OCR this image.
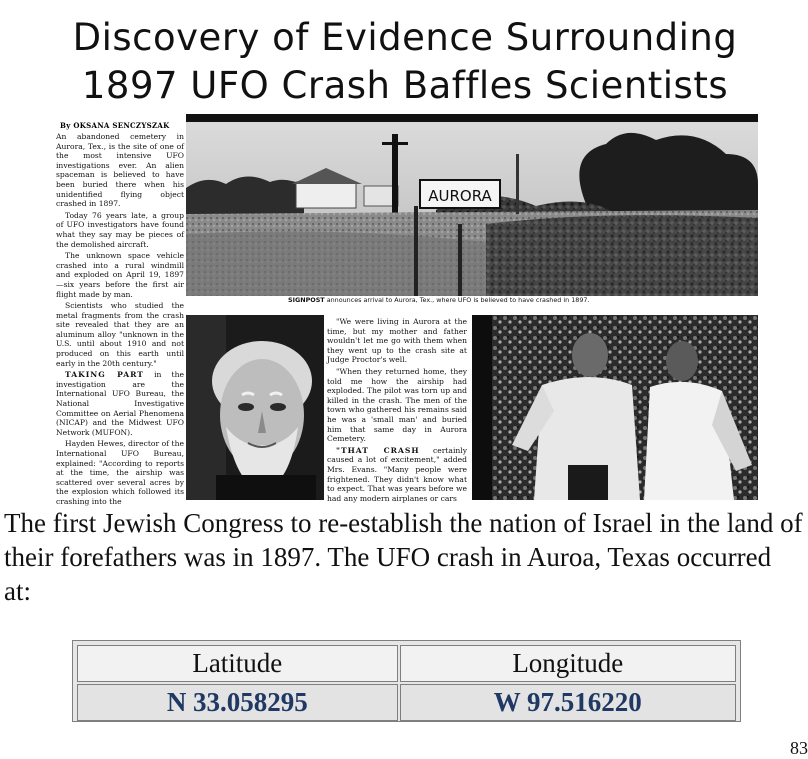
Discovery of Evidence Surrounding
1897 UFO Crash Baffles Scientists
By OKSANA SENCZYSZAK

An abandoned cemetery in Aurora, Tex., is the site of one of the most intensive UFO investigations ever. An alien spaceman is believed to have been buried there when his unidentified flying object crashed in 1897.

Today 76 years late, a group of UFO investigators have found what they say may be pieces of the demolished aircraft.

The unknown space vehicle crashed into a rural windmill and exploded on April 19, 1897—six years before the first air flight made by man.

Scientists who studied the metal fragments from the crash site revealed that they are an aluminum alloy "unknown in the U.S. until about 1910 and not produced on this earth until early in the 20th century."

TAKING PART in the investigation are the International UFO Bureau, the National Investigative Committee on Aerial Phenomena (NICAP) and the Midwest UFO Network (MUFON).

Hayden Hewes, director of the International UFO Bureau, explained: "According to reports at the time, the airship was scattered over several acres by the explosion which followed its crashing into the

AURORA
SIGNPOST announces arrival to Aurora, Tex., where UFO is believed to have crashed in 1897.

"We were living in Aurora at the time, but my mother and father wouldn't let me go with them when they went up to the crash site at Judge Proctor's well.

"When they returned home, they told me how the airship had exploded. The pilot was torn up and killed in the crash. The men of the town who gathered his remains said he was a 'small man' and buried him that same day in Aurora Cemetery.

"THAT CRASH certainly caused a lot of excitement," added Mrs. Evans. "Many people were frightened. They didn't know what to expect. That was years before we had any modern airplanes or cars

The first Jewish Congress to re-establish the nation of Israel in the land of their forefathers was in 1897. The UFO crash in Auroa, Texas occurred at:
Latitude	Longitude
N 33.058295	W 97.516220
83
